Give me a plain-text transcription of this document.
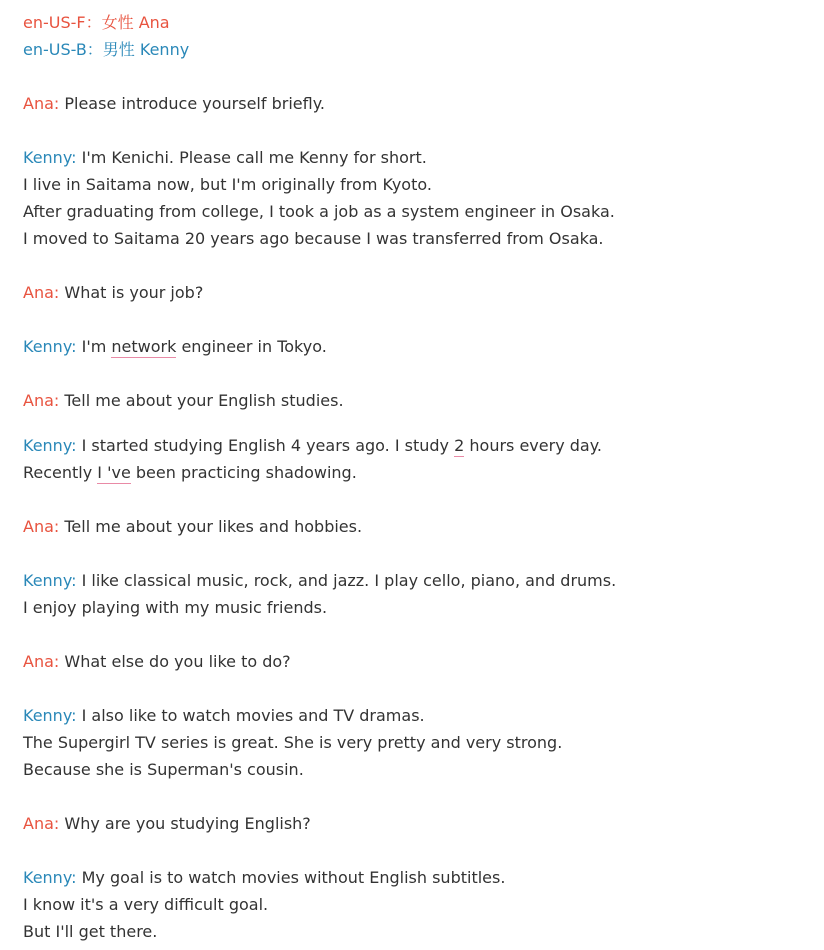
en-US-F：女性 Ana
en-US-B：男性 Kenny
Ana: Please introduce yourself briefly.
Kenny: I'm Kenichi. Please call me Kenny for short.
I live in Saitama now, but I'm originally from Kyoto.
After graduating from college, I took a job as a system engineer in Osaka.
I moved to Saitama 20 years ago because I was transferred from Osaka.
Ana: What is your job?
Kenny: I'm network engineer in Tokyo.
Ana: Tell me about your English studies.
Kenny: I started studying English 4 years ago. I study 2 hours every day.
Recently I 've been practicing shadowing.
Ana: Tell me about your likes and hobbies.
Kenny: I like classical music, rock, and jazz. I play cello, piano, and drums.
I enjoy playing with my music friends.
Ana: What else do you like to do?
Kenny: I also like to watch movies and TV dramas.
The Supergirl TV series is great. She is very pretty and very strong.
Because she is Superman's cousin.
Ana: Why are you studying English?
Kenny: My goal is to watch movies without English subtitles.
I know it's a very difficult goal.
But I'll get there.
